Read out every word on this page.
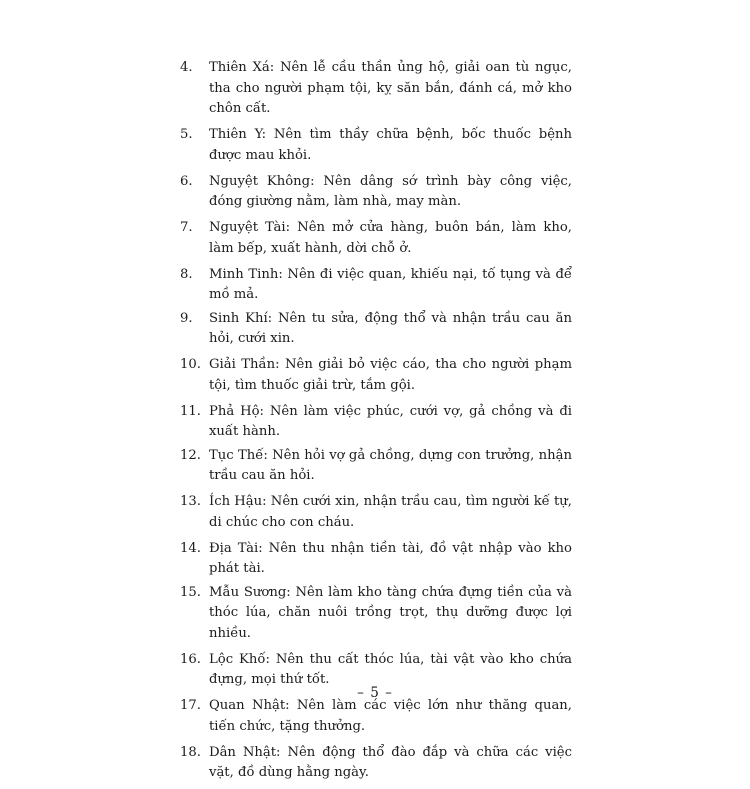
4.	Thiên Xá: Nên lễ cầu thần ủng hộ, giải oan tù ngục, tha cho người phạm tội, kỵ săn bắn, đánh cá, mở kho chôn cất.
5.	Thiên Y: Nên tìm thầy chữa bệnh, bốc thuốc bệnh được mau khỏi.
6.	Nguyệt Không: Nên dâng sớ trình bày công việc, đóng giường nằm, làm nhà, may màn.
7.	Nguyệt Tài: Nên mở cửa hàng, buôn bán, làm kho, làm bếp, xuất hành, dời chỗ ở.
8.	Minh Tinh: Nên đi việc quan, khiếu nại, tố tụng và để mồ mả.
9.	Sinh Khí: Nên tu sửa, động thổ và nhận trầu cau ăn hỏi, cưới xin.
10. Giải Thần: Nên giải bỏ việc cáo, tha cho người phạm tội, tìm thuốc giải trừ, tắm gội.
11. Phả Hộ: Nên làm việc phúc, cưới vợ, gả chồng và đi xuất hành.
12. Tục Thế: Nên hỏi vợ gả chồng, dựng con trưởng, nhận trầu cau ăn hỏi.
13. Ích Hậu: Nên cưới xin, nhận trầu cau, tìm người kế tự, di chúc cho con cháu.
14. Địa Tài: Nên thu nhận tiền tài, đồ vật nhập vào kho phát tài.
15. Mẫu Sương: Nên làm kho tàng chứa đựng tiền của và thóc lúa, chăn nuôi trồng trọt, thụ dưỡng được lợi nhiều.
16. Lộc Khố: Nên thu cất thóc lúa, tài vật vào kho chứa đựng, mọi thứ tốt.
17. Quan Nhật: Nên làm các việc lớn như thăng quan, tiến chức, tặng thưởng.
18. Dân Nhật: Nên động thổ đào đắp và chữa các việc vặt, đồ dùng hằng ngày.
– 5 –
